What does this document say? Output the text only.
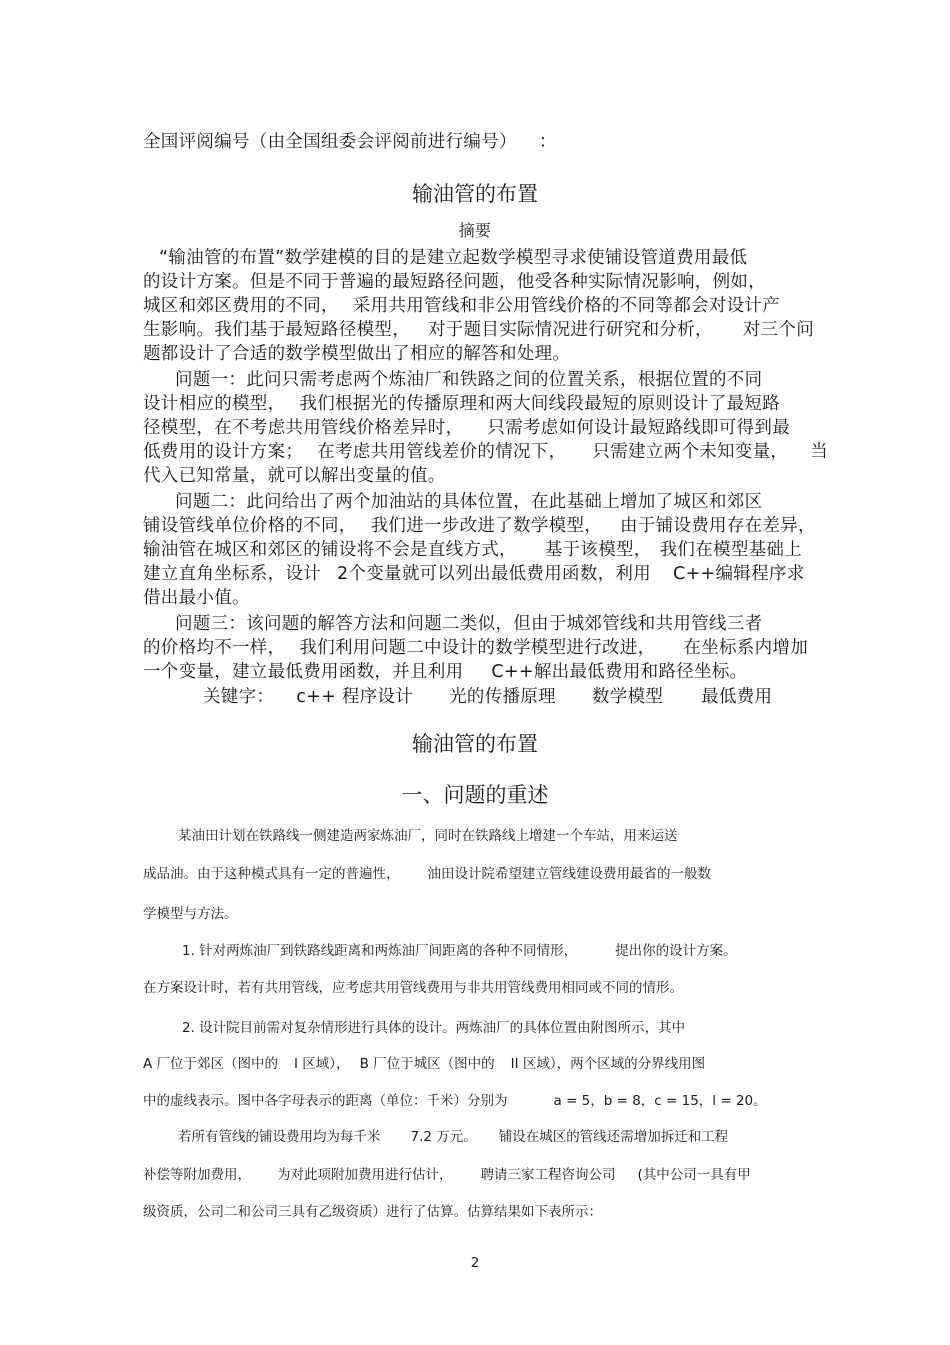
全国评阅编号（由全国组委会评阅前进行编号） ：
输油管的布置
摘要
“输油管的布置”数学建模的目的是建立起数学模型寻求使铺设管道费用最低
的设计方案。但是不同于普遍的最短路径问题，他受各种实际情况影响，例如，
城区和郊区费用的不同， 采用共用管线和非公用管线价格的不同等都会对设计产
生影响。我们基于最短路径模型， 对于题目实际情况进行研究和分析， 对三个问
题都设计了合适的数学模型做出了相应的解答和处理。
问题一：此问只需考虑两个炼油厂和铁路之间的位置关系，根据位置的不同
设计相应的模型， 我们根据光的传播原理和两大间线段最短的原则设计了最短路
径模型，在不考虑共用管线价格差异时， 只需考虑如何设计最短路线即可得到最
低费用的设计方案； 在考虑共用管线差价的情况下， 只需建立两个未知变量， 当
代入已知常量，就可以解出变量的值。
问题二：此问给出了两个加油站的具体位置，在此基础上增加了城区和郊区
铺设管线单位价格的不同， 我们进一步改进了数学模型， 由于铺设费用存在差异，
输油管在城区和郊区的铺设将不会是直线方式， 基于该模型， 我们在模型基础上
建立直角坐标系，设计 2个变量就可以列出最低费用函数，利用 C++编辑程序求
借出最小值。
问题三：该问题的解答方法和问题二类似，但由于城郊管线和共用管线三者
的价格均不一样， 我们利用问题二中设计的数学模型进行改进， 在坐标系内增加
一个变量，建立最低费用函数，并且利用 C++解出最低费用和路径坐标。
关键字： c++ 程序设计 光的传播原理 数学模型 最低费用
输油管的布置
一、问题的重述
某油田计划在铁路线一侧建造两家炼油厂，同时在铁路线上增建一个车站，用来运送
成品油。由于这种模式具有一定的普遍性， 油田设计院希望建立管线建设费用最省的一般数
学模型与方法。
1. 针对两炼油厂到铁路线距离和两炼油厂间距离的各种不同情形，	提出你的设计方案。
在方案设计时，若有共用管线，应考虑共用管线费用与非共用管线费用相同或不同的情形。
2. 设计院目前需对复杂情形进行具体的设计。两炼油厂的具体位置由附图所示，其中
A 厂位于郊区（图中的 I 区域）， B 厂位于城区（图中的 II 区域），两个区域的分界线用图
中的虚线表示。图中各字母表示的距离（单位：千米）分别为	a = 5，b = 8，c = 15，l = 20。
若所有管线的铺设费用均为每千米 7.2 万元。 铺设在城区的管线还需增加拆迁和工程
补偿等附加费用， 为对此项附加费用进行估计， 聘请三家工程咨询公司 (其中公司一具有甲
级资质，公司二和公司三具有乙级资质）进行了估算。估算结果如下表所示：
2
